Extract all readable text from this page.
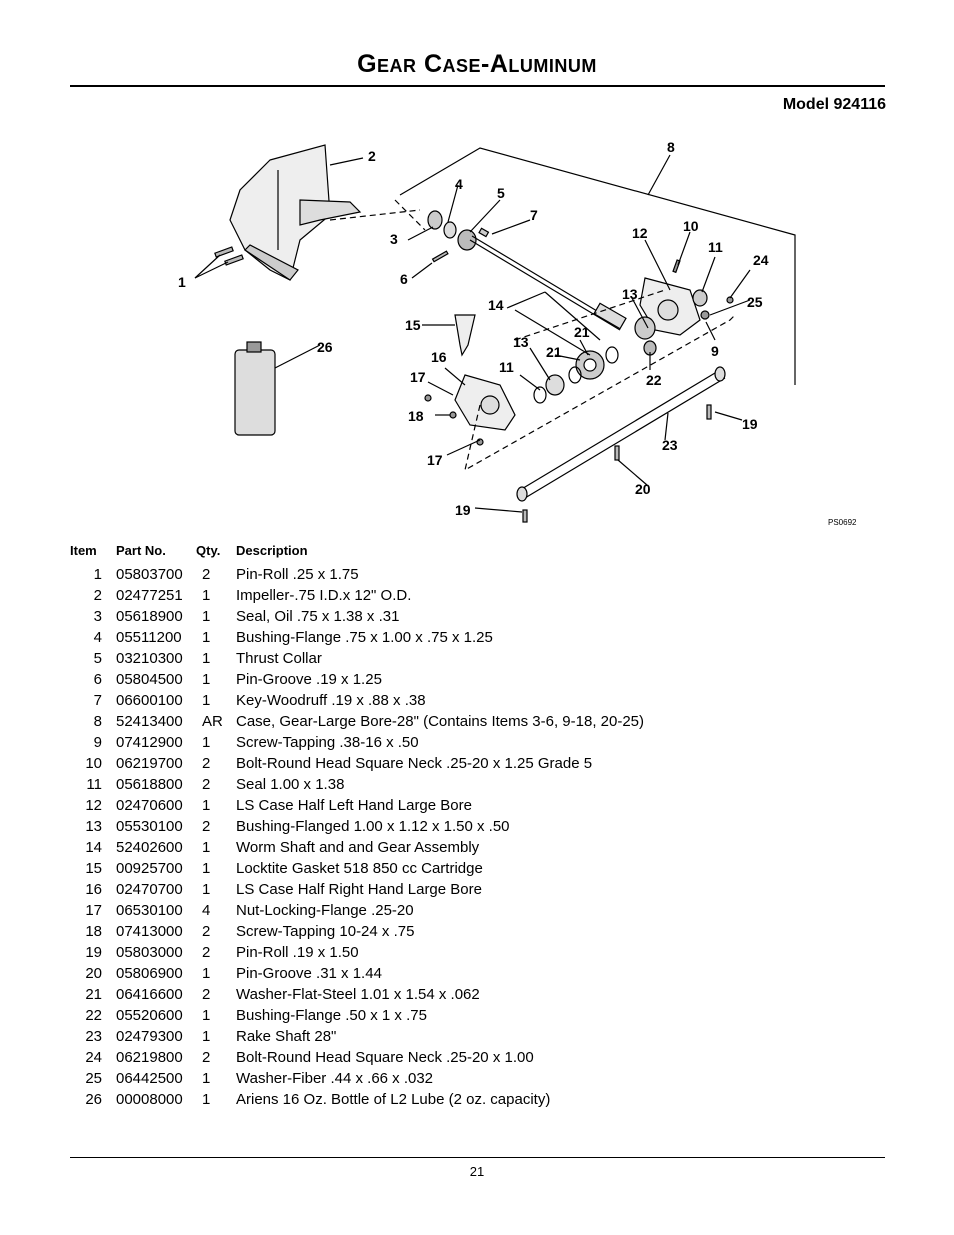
Gear Case-Aluminum
Model 924116
1
2
3
4
5
6
7
8
9
10
11
12
13
13
14
15
16
17
17
18	19
19
20
21
21
22
23
24
25
26
11
PS0692
Item	Part No.	Qty.	Description
1	05803700	2	Pin-Roll .25 x 1.75
2	02477251	1	Impeller-.75 I.D.x 12" O.D.
3	05618900	1	Seal, Oil .75 x 1.38 x .31
4	05511200	1	Bushing-Flange .75 x 1.00 x .75 x 1.25
5	03210300	1	Thrust Collar
6	05804500	1	Pin-Groove .19 x 1.25
7	06600100	1	Key-Woodruff .19 x .88 x .38
8	52413400	AR	Case, Gear-Large Bore-28" (Contains Items 3-6, 9-18, 20-25)
9	07412900	1	Screw-Tapping .38-16 x .50
10	06219700	2	Bolt-Round Head Square Neck .25-20 x 1.25 Grade 5
11	05618800	2	Seal 1.00 x 1.38
12	02470600	1	LS Case Half Left Hand Large Bore
13	05530100	2	Bushing-Flanged 1.00 x 1.12 x 1.50 x .50
14	52402600	1	Worm Shaft and and Gear Assembly
15	00925700	1	Locktite Gasket 518 850 cc Cartridge
16	02470700	1	LS Case Half Right Hand Large Bore
17	06530100	4	Nut-Locking-Flange .25-20
18	07413000	2	Screw-Tapping 10-24 x .75
19	05803000	2	Pin-Roll .19 x 1.50
20	05806900	1	Pin-Groove .31 x 1.44
21	06416600	2	Washer-Flat-Steel 1.01 x 1.54 x .062
22	05520600	1	Bushing-Flange .50 x 1 x .75
23	02479300	1	Rake Shaft 28"
24	06219800	2	Bolt-Round Head Square Neck .25-20 x 1.00
25	06442500	1	Washer-Fiber .44 x .66 x .032
26	00008000	1	Ariens 16 Oz. Bottle of L2 Lube (2 oz. capacity)
21
